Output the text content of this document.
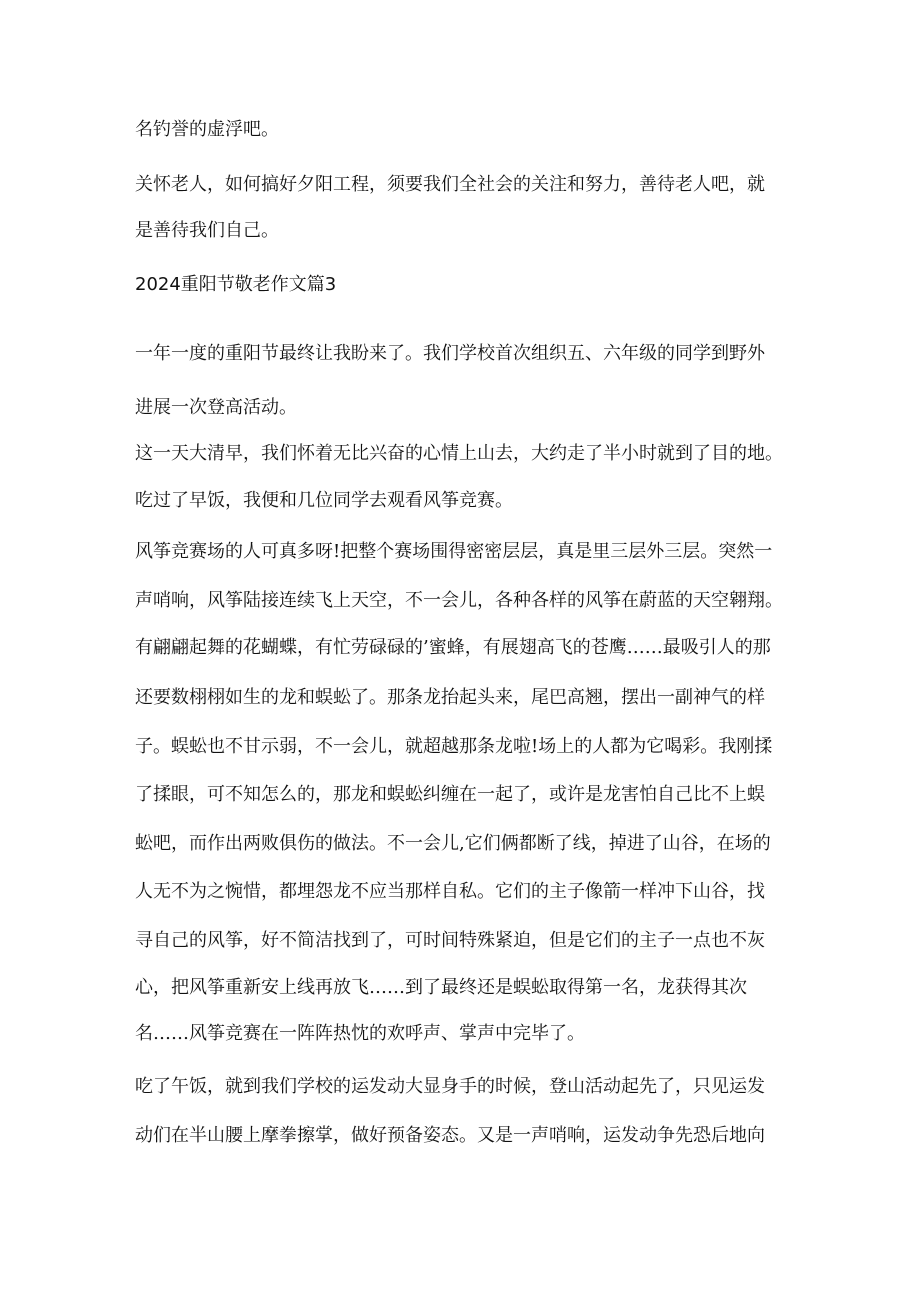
名钓誉的虚浮吧。

关怀老人，如何搞好夕阳工程，须要我们全社会的关注和努力，善待老人吧，就

是善待我们自己。

2024重阳节敬老作文篇3

一年一度的重阳节最终让我盼来了。我们学校首次组织五、六年级的同学到野外

进展一次登高活动。

这一天大清早，我们怀着无比兴奋的心情上山去，大约走了半小时就到了目的地。

吃过了早饭，我便和几位同学去观看风筝竞赛。

风筝竞赛场的人可真多呀!把整个赛场围得密密层层，真是里三层外三层。突然一

声哨响，风筝陆接连续飞上天空，不一会儿，各种各样的风筝在蔚蓝的天空翱翔。

有翩翩起舞的花蝴蝶，有忙劳碌碌的’蜜蜂，有展翅高飞的苍鹰……最吸引人的那

还要数栩栩如生的龙和蜈蚣了。那条龙抬起头来，尾巴高翘，摆出一副神气的样

子。蜈蚣也不甘示弱，不一会儿，就超越那条龙啦!场上的人都为它喝彩。我刚揉

了揉眼，可不知怎么的，那龙和蜈蚣纠缠在一起了，或许是龙害怕自己比不上蜈

蚣吧，而作出两败俱伤的做法。不一会儿,它们俩都断了线，掉进了山谷，在场的

人无不为之惋惜，都埋怨龙不应当那样自私。它们的主子像箭一样冲下山谷，找

寻自己的风筝，好不简洁找到了，可时间特殊紧迫，但是它们的主子一点也不灰

心，把风筝重新安上线再放飞……到了最终还是蜈蚣取得第一名，龙获得其次

名……风筝竞赛在一阵阵热忱的欢呼声、掌声中完毕了。

吃了午饭，就到我们学校的运发动大显身手的时候，登山活动起先了，只见运发

动们在半山腰上摩拳擦掌，做好预备姿态。又是一声哨响，运发动争先恐后地向
